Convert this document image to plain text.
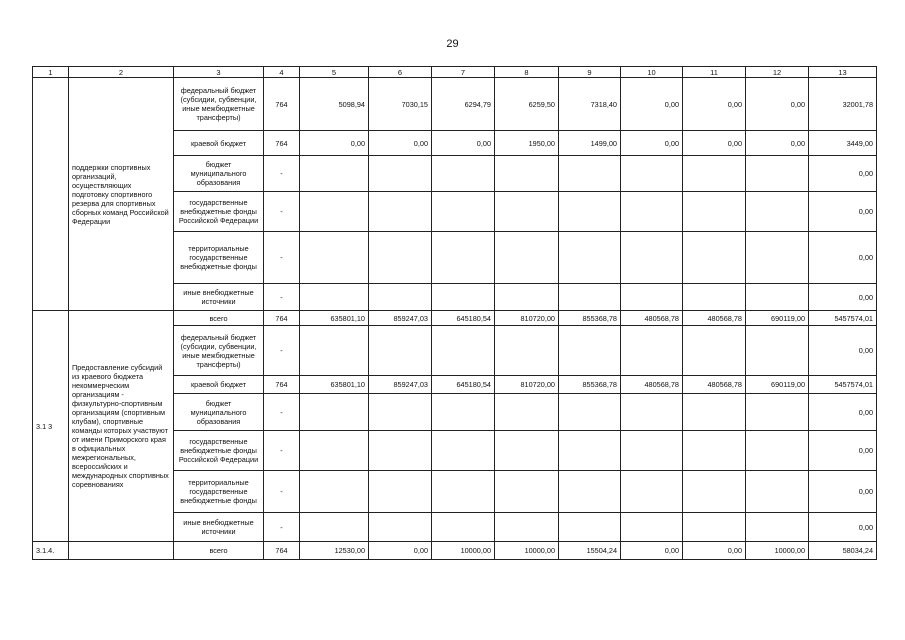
29
1	2	3	4	5	6	7	8	9	10	11	12	13
	поддержки спортивных организаций, осуществляющих подготовку спортивного резерва для спортивных сборных команд Российской Федерации	федеральный бюджет (субсидии, субвенции, иные межбюджетные трансферты)	764	5098,94	7030,15	6294,79	6259,50	7318,40	0,00	0,00	0,00	32001,78
		краевой бюджет	764	0,00	0,00	0,00	1950,00	1499,00	0,00	0,00	0,00	3449,00
		бюджет муниципального образования	-									0,00
		государственные внебюджетные фонды Российской Федерации	-									0,00
		территориальные государственные внебюджетные фонды	-									0,00
		иные внебюджетные источники	-									0,00
3.1 3	Предоставление субсидий из краевого бюджета некоммерческим организациям - физкультурно-спортивным организациям (спортивным клубам), спортивные команды которых участвуют от имени Приморского края в официальных межрегиональных, всероссийских и международных спортивных соревнованиях	всего	764	635801,10	859247,03	645180,54	810720,00	855368,78	480568,78	480568,78	690119,00	5457574,01
		федеральный бюджет (субсидии, субвенции, иные межбюджетные трансферты)	-									0,00
		краевой бюджет	764	635801,10	859247,03	645180,54	810720,00	855368,78	480568,78	480568,78	690119,00	5457574,01
		бюджет муниципального образования	-									0,00
		государственные внебюджетные фонды Российской Федерации	-									0,00
		территориальные государственные внебюджетные фонды	-									0,00
		иные внебюджетные источники	-									0,00
3.1.4.		всего	764	12530,00	0,00	10000,00	10000,00	15504,24	0,00	0,00	10000,00	58034,24
